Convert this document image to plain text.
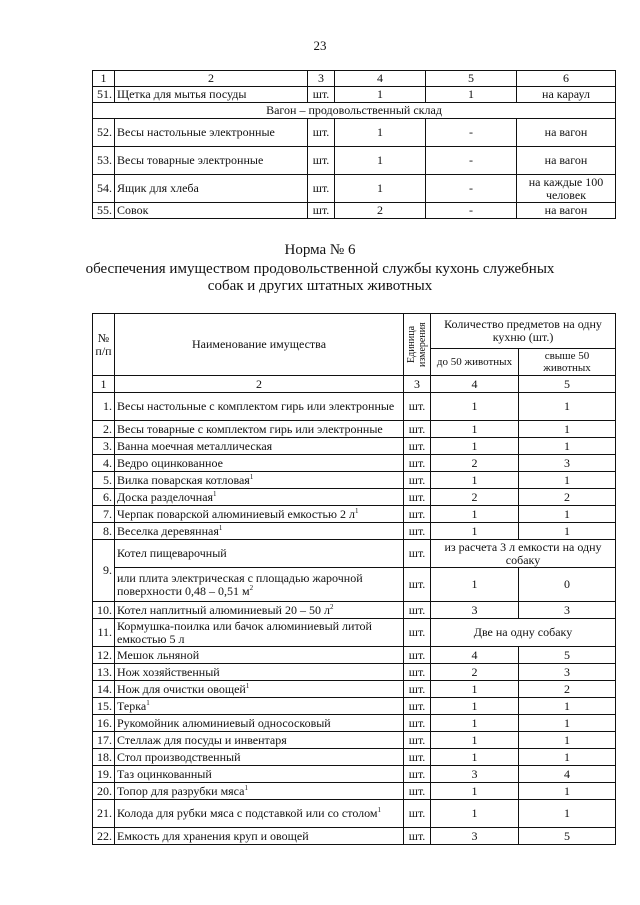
23
1	2	3	4	5	6
51.	Щетка для мытья посуды	шт.	1	1	на караул
Вагон – продовольственный склад					
52.	Весы настольные электронные	шт.	1	-	на вагон
53.	Весы товарные электронные	шт.	1	-	на вагон
54.	Ящик для хлеба	шт.	1	-	на каждые 100 человек
55.	Совок	шт.	2	-	на вагон
Норма № 6
обеспечения имуществом продовольственной службы кухонь служебных
собак и других штатных животных
№ п/п	Наименование имущества	Единица измерения	Количество предметов на одну кухню (шт.)	
			до 50 животных	свыше 50 животных
1	2	3	4	5
1.	Весы настольные с комплектом гирь или электронные	шт.	1	1
2.	Весы товарные с комплектом гирь или электронные	шт.	1	1
3.	Ванна моечная металлическая	шт.	1	1
4.	Ведро оцинкованное	шт.	2	3
5.	Вилка поварская котловая$^1$	шт.	1	1
6.	Доска разделочная$^1$	шт.	2	2
7.	Черпак поварской алюминиевый емкостью 2 $л^1$	шт.	1	1
8.	Веселка деревянная$^1$	шт.	1	1
9.	Котел пищеварочный	шт.	из расчета 3 л емкости на одну собаку	
	или плита электрическая с площадью жарочной поверхности 0,48 – 0,51 $м^2$	шт.	1	0
10.	Котел наплитный алюминиевый 20 – 50 $л^2$	шт.	3	3
11.	Кормушка-поилка или бачок алюминиевый литой емкостью 5 л	шт.	Две на одну собаку	
12.	Мешок льняной	шт.	4	5
13.	Нож хозяйственный	шт.	2	3
14.	Нож для очистки овощей$^1$	шт.	1	2
15.	Терка$^1$	шт.	1	1
16.	Рукомойник алюминиевый однососковый	шт.	1	1
17.	Стеллаж для посуды и инвентаря	шт.	1	1
18.	Стол производственный	шт.	1	1
19.	Таз оцинкованный	шт.	3	4
20.	Топор для разрубки мяса$^1$	шт.	1	1
21.	Колода для рубки мяса с подставкой или со столом$^1$	шт.	1	1
22.	Емкость для хранения круп и овощей	шт.	3	5
